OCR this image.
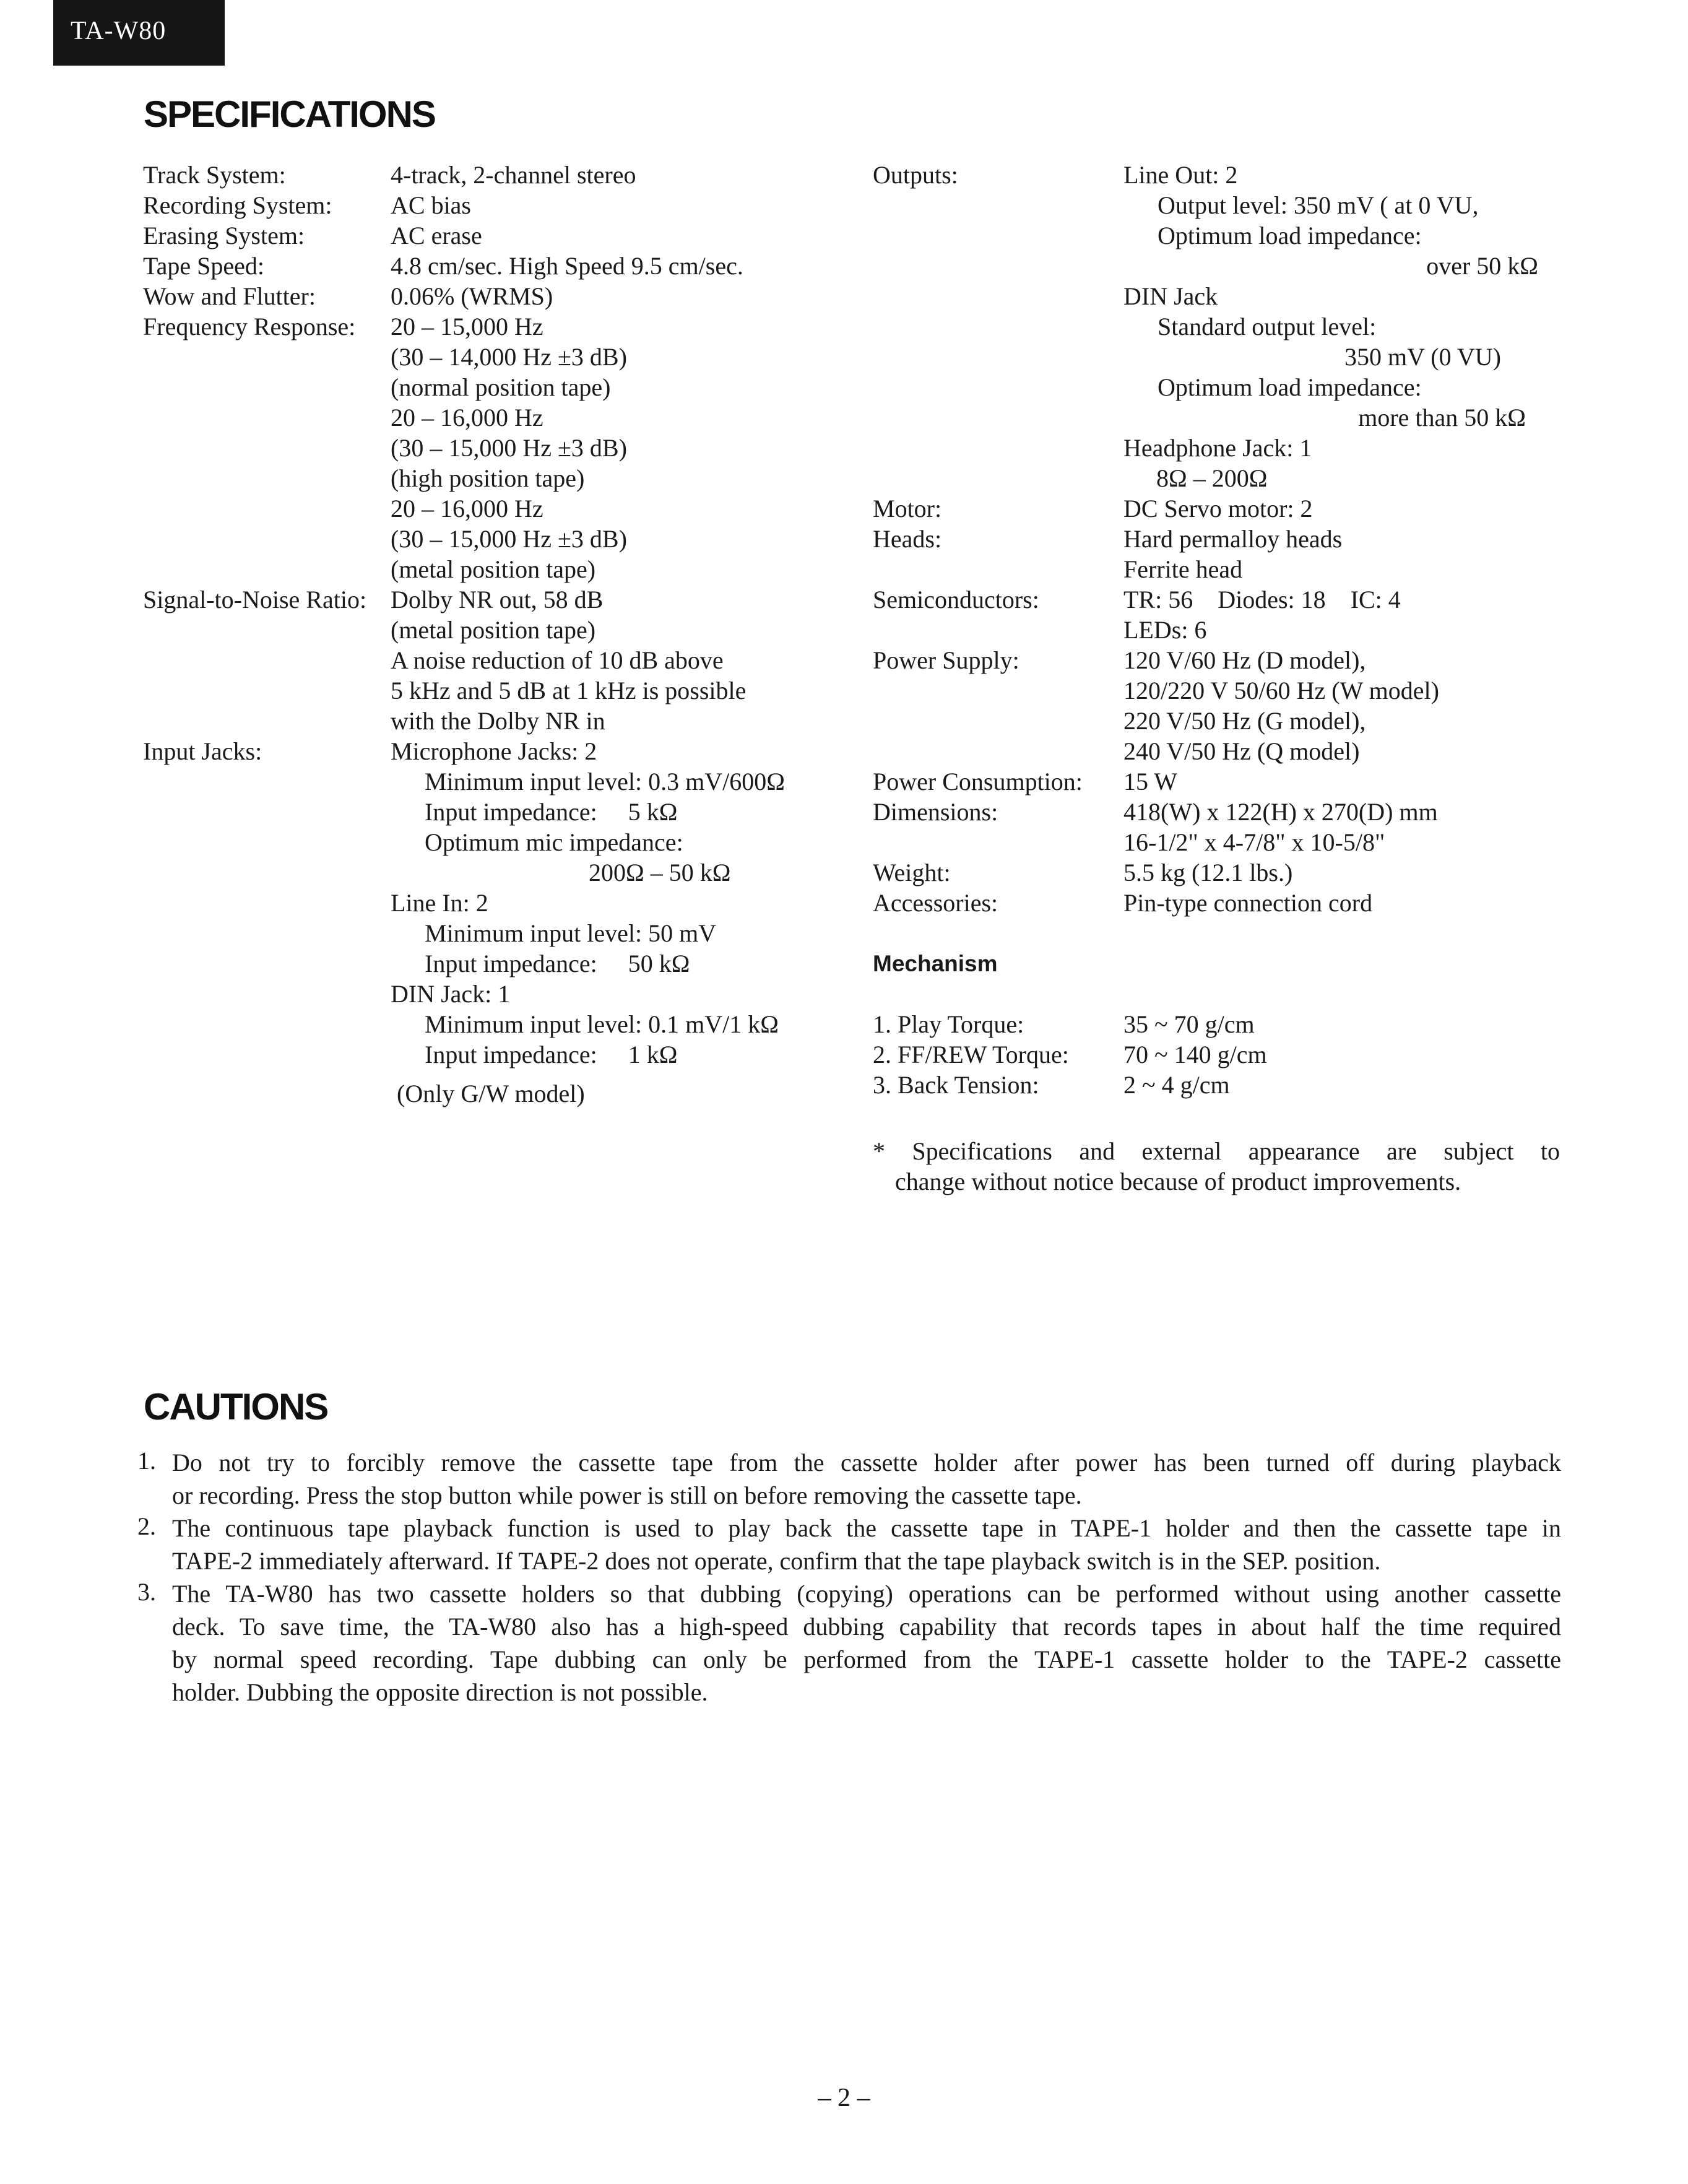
TA-W80
SPECIFICATIONS
Track System:	4-track, 2-channel stereo
Recording System: AC bias
Erasing System:	AC erase
Tape Speed:	4.8 cm/sec. High Speed 9.5 cm/sec.
Wow and Flutter:	0.06% (WRMS)
Frequency Response: 20 – 15,000 Hz
(30 – 14,000 Hz ±3 dB)
(normal position tape)
20 – 16,000 Hz
(30 – 15,000 Hz ±3 dB)
(high position tape)
20 – 16,000 Hz
(30 – 15,000 Hz ±3 dB)
(metal position tape)
Signal-to-Noise Ratio: Dolby NR out, 58 dB
(metal position tape)
A noise reduction of 10 dB above
5 kHz and 5 dB at 1 kHz is possible
with the Dolby NR in
Input Jacks:	Microphone Jacks: 2
Minimum input level: 0.3 mV/600Ω
Input impedance:     5 kΩ
Optimum mic impedance:
200Ω – 50 kΩ
Line In: 2
Minimum input level: 50 mV
Input impedance:     50 kΩ
DIN Jack: 1
Minimum input level: 0.1 mV/1 kΩ
Input impedance:     1 kΩ
(Only G/W model)
Outputs:	Line Out: 2
Output level: 350 mV ( at 0 VU,
Optimum load impedance:
over 50 kΩ
DIN Jack
Standard output level:
350 mV (0 VU)
Optimum load impedance:
more than 50 kΩ
Headphone Jack: 1
8Ω – 200Ω
Motor:	DC Servo motor: 2
Heads:	Hard permalloy heads
Ferrite head
Semiconductors:	TR: 56    Diodes: 18    IC: 4
LEDs: 6
Power Supply:	120 V/60 Hz (D model),
120/220 V 50/60 Hz (W model)
220 V/50 Hz (G model),
240 V/50 Hz (Q model)
Power Consumption: 15 W
Dimensions:	418(W) x 122(H) x 270(D) mm
16-1/2" x 4-7/8" x 10-5/8"
Weight:	5.5 kg (12.1 lbs.)
Accessories:	Pin-type connection cord
Mechanism
1. Play Torque:	35 ~ 70 g/cm
2. FF/REW Torque: 70 ~ 140 g/cm
3. Back Tension:	2 ~ 4 g/cm
* Specifications and external appearance are subject to
change without notice because of product improvements.
CAUTIONS
1. Do not try to forcibly remove the cassette tape from the cassette holder after power has been turned off during playback
or recording. Press the stop button while power is still on before removing the cassette tape.
2. The continuous tape playback function is used to play back the cassette tape in TAPE-1 holder and then the cassette tape in
TAPE-2 immediately afterward. If TAPE-2 does not operate, confirm that the tape playback switch is in the SEP. position.
3. The TA-W80 has two cassette holders so that dubbing (copying) operations can be performed without using another cassette
deck. To save time, the TA-W80 also has a high-speed dubbing capability that records tapes in about half the time required
by normal speed recording. Tape dubbing can only be performed from the TAPE-1 cassette holder to the TAPE-2 cassette
holder. Dubbing the opposite direction is not possible.
– 2 –
